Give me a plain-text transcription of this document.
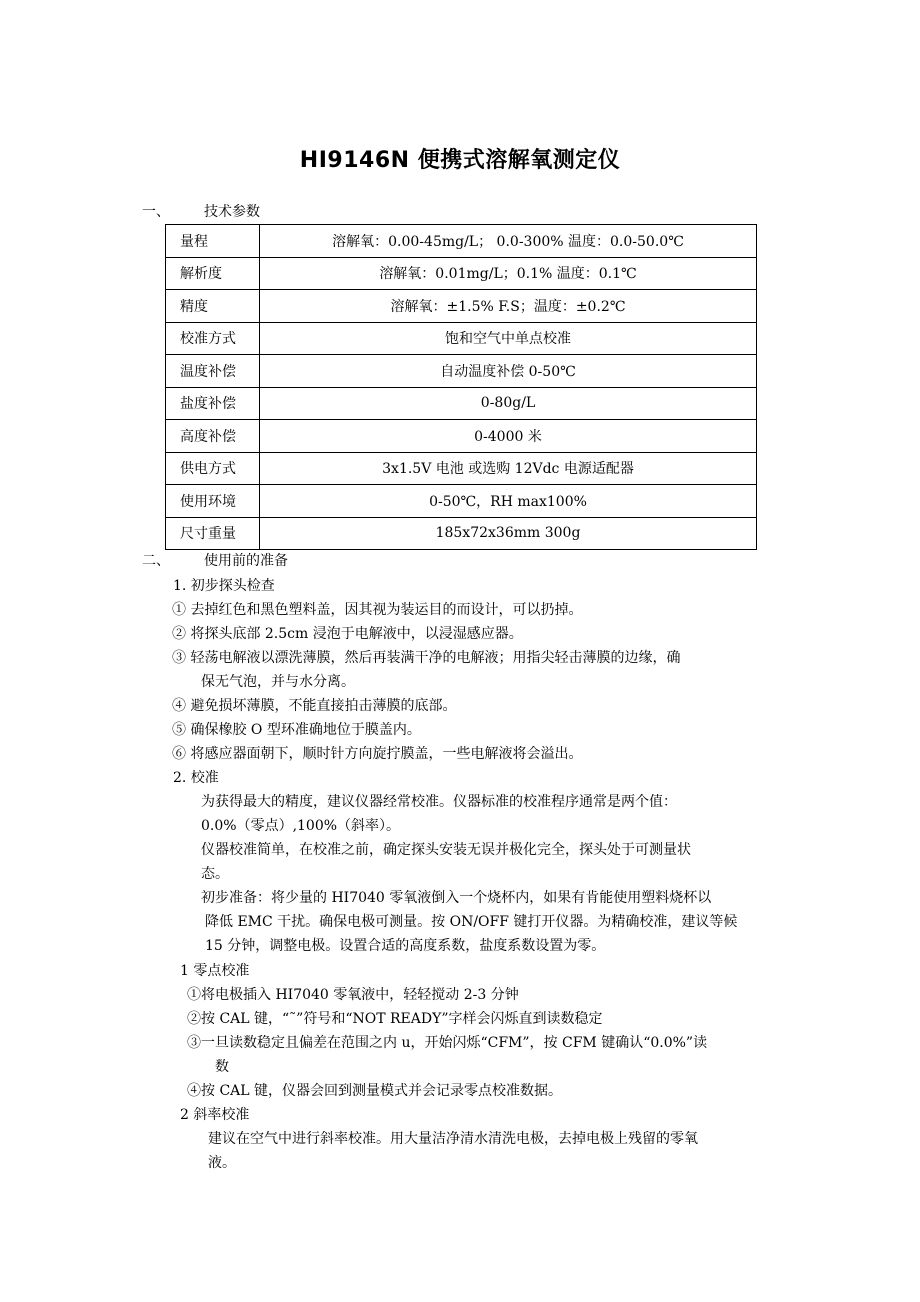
HI9146N 便携式溶解氧测定仪
一、 技术参数
量程	溶解氧：0.00-45mg/L； 0.0-300% 温度：0.0-50.0℃
解析度	溶解氧：0.01mg/L；0.1% 温度：0.1℃
精度	溶解氧：±1.5% F.S；温度：±0.2℃
校准方式	饱和空气中单点校准
温度补偿	自动温度补偿 0-50℃
盐度补偿	0-80g/L
高度补偿	0-4000 米
供电方式	3x1.5V 电池 或选购 12Vdc 电源适配器
使用环境	0-50℃，RH max100%
尺寸重量	185x72x36mm 300g
二、 使用前的准备
1. 初步探头检查
① 去掉红色和黑色塑料盖，因其视为装运目的而设计，可以扔掉。
② 将探头底部 2.5cm 浸泡于电解液中，以浸湿感应器。
③ 轻荡电解液以漂洗薄膜，然后再装满干净的电解液；用指尖轻击薄膜的边缘，确
保无气泡，并与水分离。
④ 避免损坏薄膜，不能直接拍击薄膜的底部。
⑤ 确保橡胶 O 型环准确地位于膜盖内。
⑥ 将感应器面朝下，顺时针方向旋拧膜盖，一些电解液将会溢出。
2. 校准
为获得最大的精度，建议仪器经常校准。仪器标准的校准程序通常是两个值：
0.0%（零点）,100%（斜率）。
仪器校准简单，在校准之前，确定探头安装无误并极化完全，探头处于可测量状
态。
初步准备：将少量的 HI7040 零氧液倒入一个烧杯内，如果有肯能使用塑料烧杯以
降低 EMC 干扰。确保电极可测量。按 ON/OFF 键打开仪器。为精确校准，建议等候
15 分钟，调整电极。设置合适的高度系数，盐度系数设置为零。
1 零点校准
①将电极插入 HI7040 零氧液中，轻轻搅动 2-3 分钟
②按 CAL 键，“˜”符号和“NOT READY”字样会闪烁直到读数稳定
③一旦读数稳定且偏差在范围之内 u，开始闪烁“CFM”，按 CFM 键确认“0.0%”读
数
④按 CAL 键，仪器会回到测量模式并会记录零点校准数据。
2 斜率校准
建议在空气中进行斜率校准。用大量洁净清水清洗电极，去掉电极上残留的零氧
液。
